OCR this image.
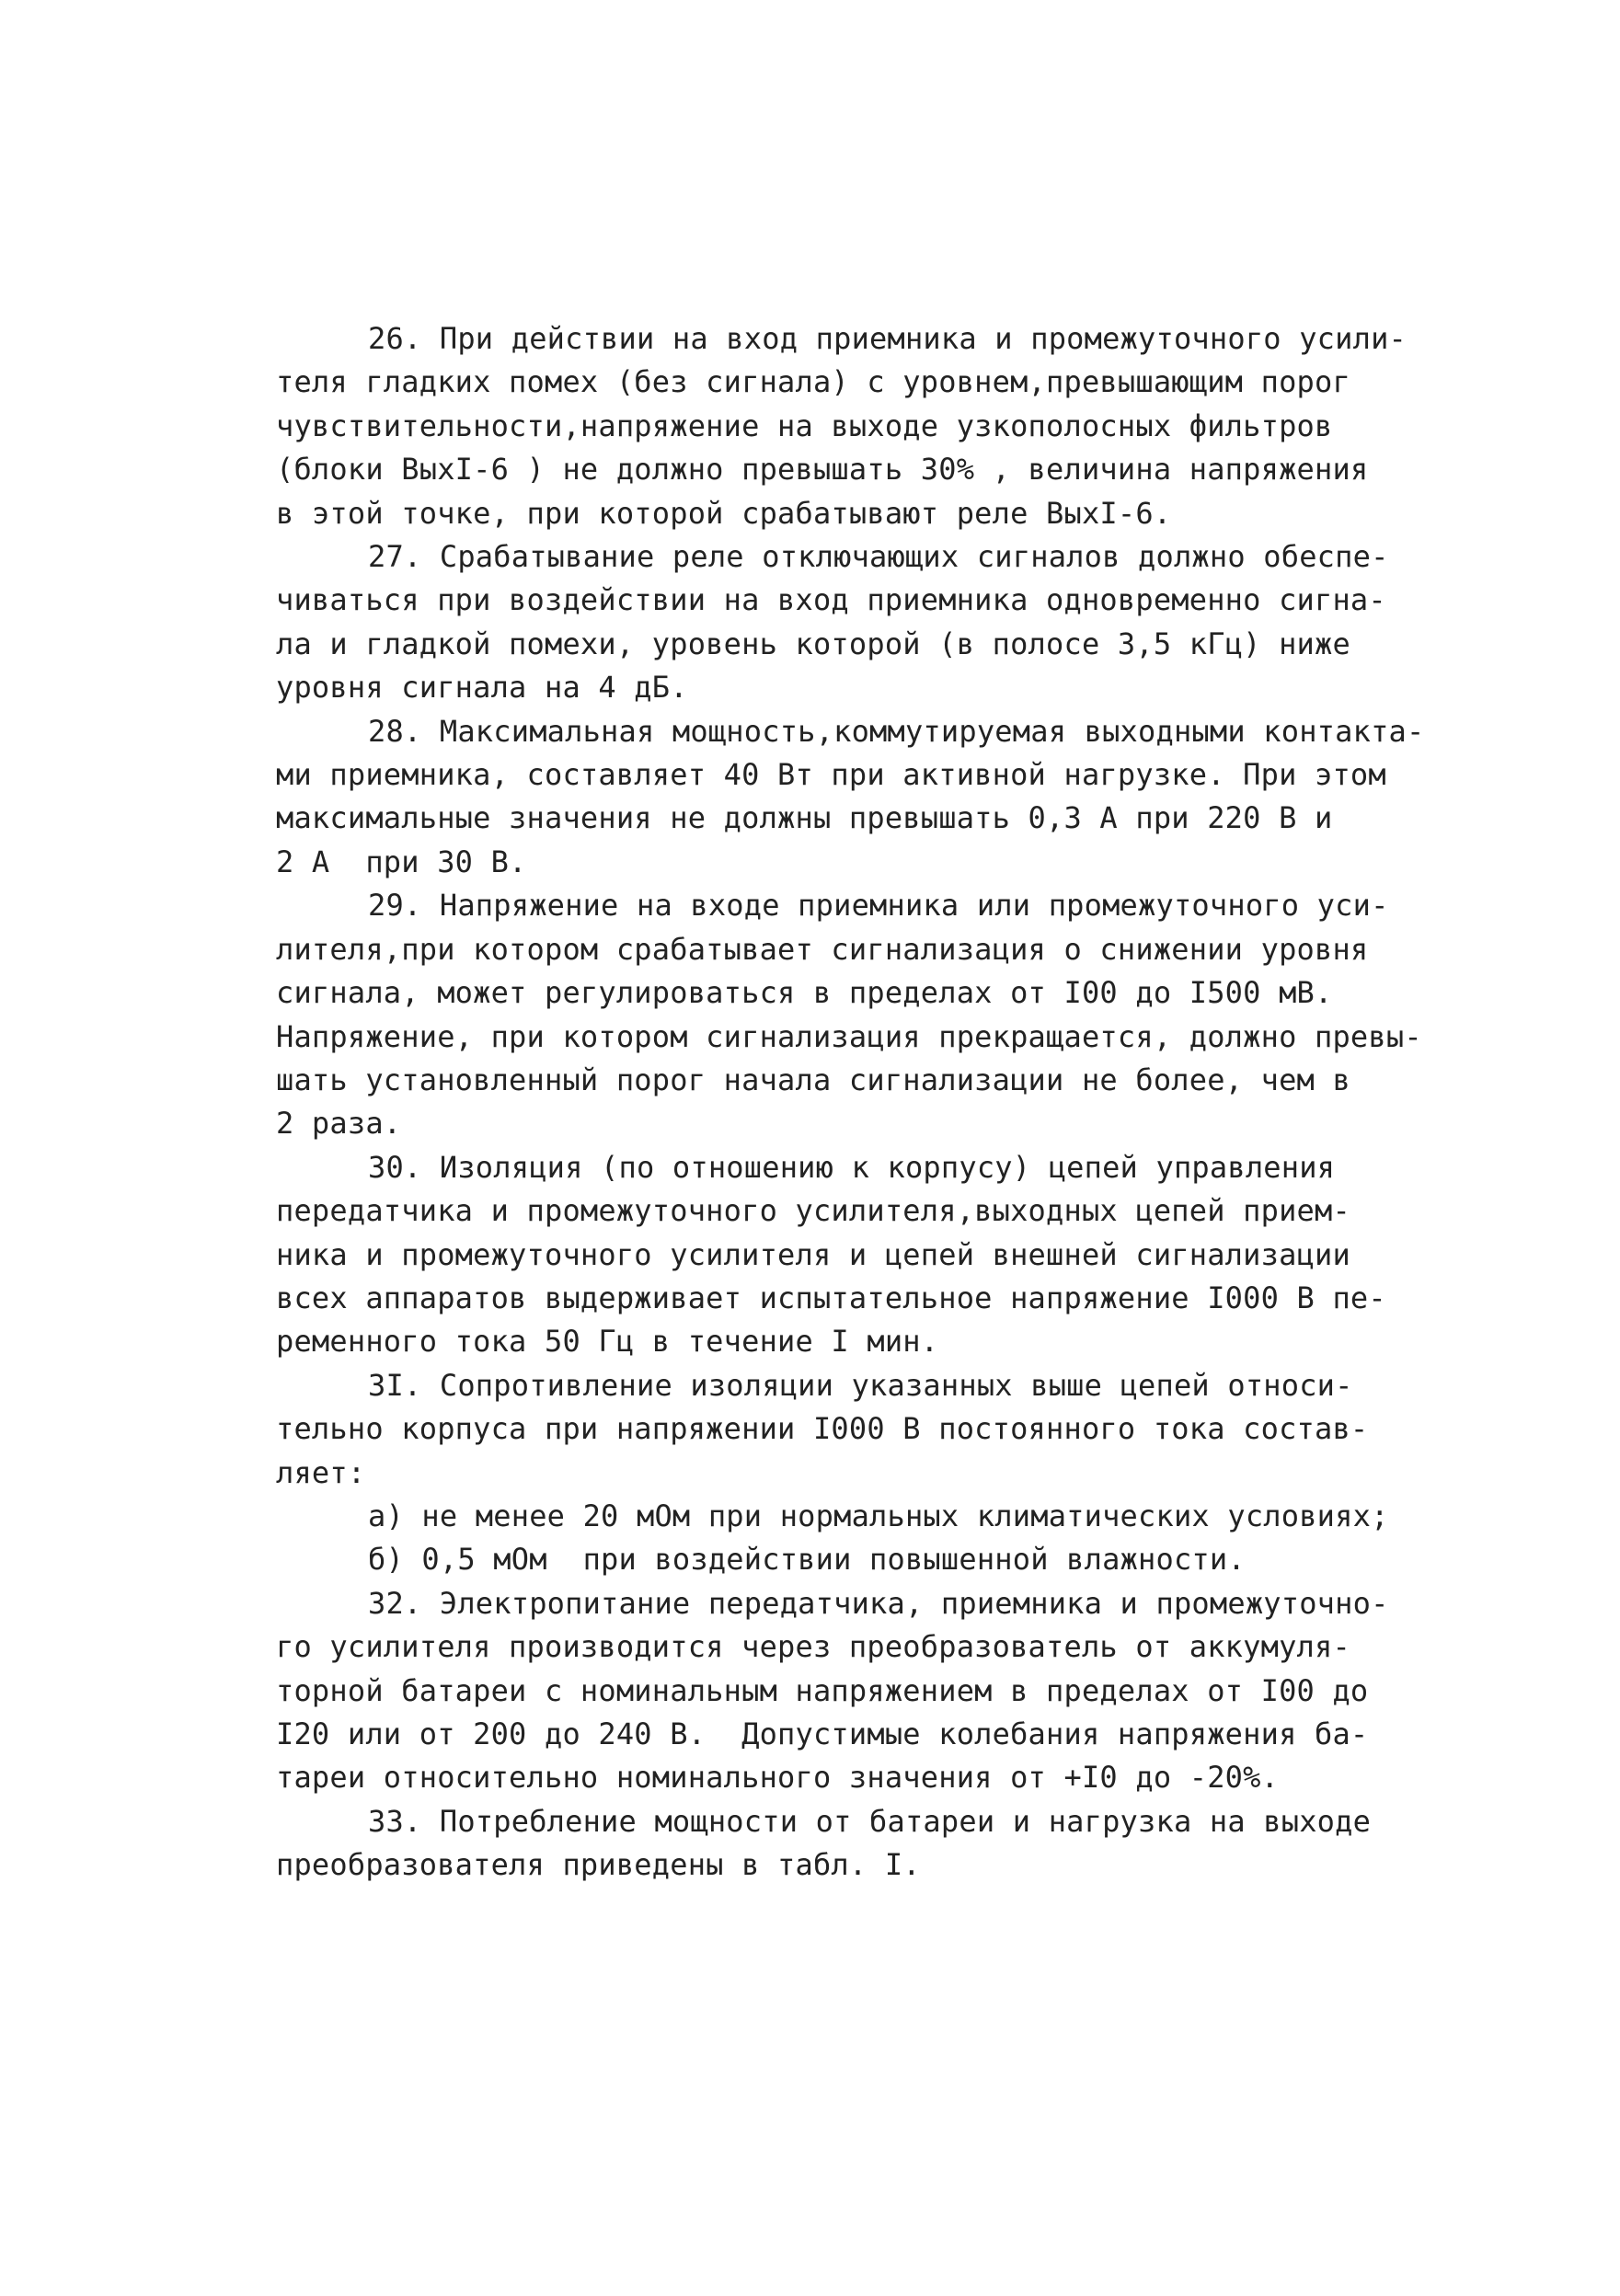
26. При действии на вход приемника и промежуточного усили-
теля гладких помех (без сигнала) с уровнем,превышающим порог
чувствительности,напряжение на выходе узкополосных фильтров
(блоки ВыхI-6 ) не должно превышать 30% , величина напряжения
в этой точке, при которой срабатывают реле ВыхI-6.
27. Срабатывание реле отключающих сигналов должно обеспе-
чиваться при воздействии на вход приемника одновременно сигна-
ла и гладкой помехи, уровень которой (в полосе 3,5 кГц) ниже
уровня сигнала на 4 дБ.
28. Максимальная мощность,коммутируемая выходными контакта-
ми приемника, составляет 40 Вт при активной нагрузке. При этом
максимальные значения не должны превышать 0,3 А при 220 В и
2 А  при 30 В.
29. Напряжение на входе приемника или промежуточного уси-
лителя,при котором срабатывает сигнализация о снижении уровня
сигнала, может регулироваться в пределах от I00 до I500 мВ.
Напряжение, при котором сигнализация прекращается, должно превы-
шать установленный порог начала сигнализации не более, чем в
2 раза.
30. Изоляция (по отношению к корпусу) цепей управления
передатчика и промежуточного усилителя,выходных цепей прием-
ника и промежуточного усилителя и цепей внешней сигнализации
всех аппаратов выдерживает испытательное напряжение I000 В пе-
ременного тока 50 Гц в течение I мин.
3I. Сопротивление изоляции указанных выше цепей относи-
тельно корпуса при напряжении I000 В постоянного тока состав-
ляет:
а) не менее 20 мОм при нормальных климатических условиях;
б) 0,5 мОм  при воздействии повышенной влажности.
32. Электропитание передатчика, приемника и промежуточно-
го усилителя производится через преобразователь от аккумуля-
торной батареи с номинальным напряжением в пределах от I00 до
I20 или от 200 до 240 В.  Допустимые колебания напряжения ба-
тареи относительно номинального значения от +I0 до -20%.
33. Потребление мощности от батареи и нагрузка на выходе
преобразователя приведены в табл. I.
